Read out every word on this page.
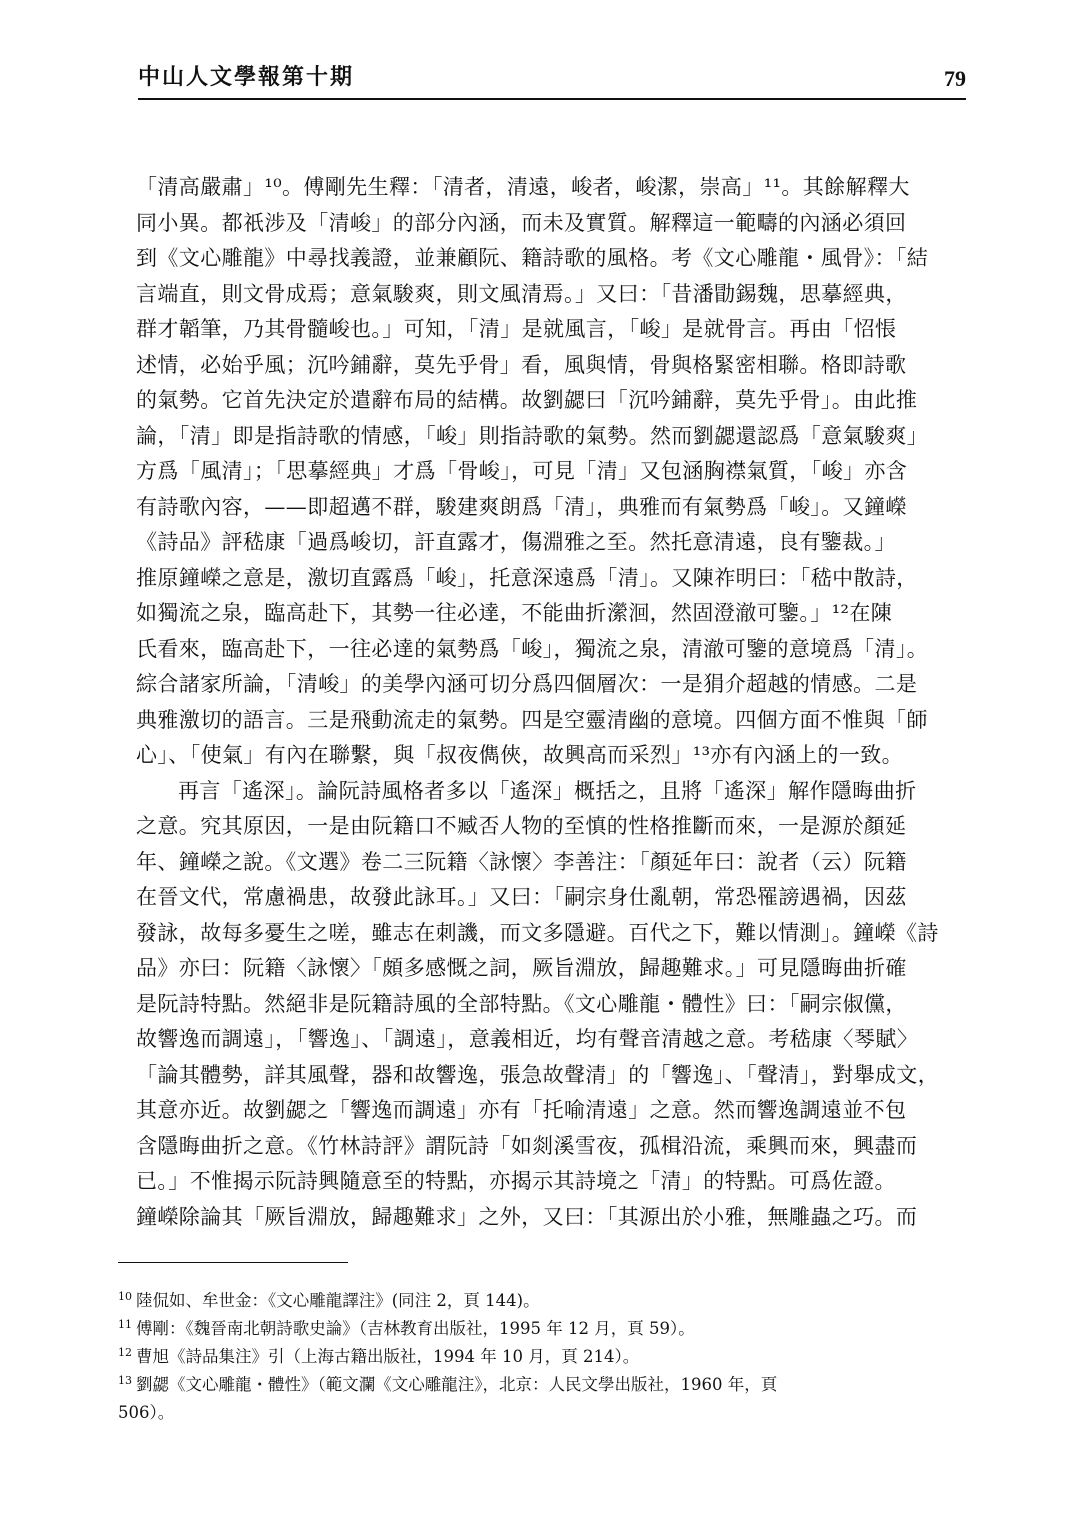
中山人文學報第十期	79
「清高嚴肅」¹⁰。傅剛先生釋：「清者，清遠，峻者，峻潔，崇高」¹¹。其餘解釋大
同小異。都祇涉及「清峻」的部分內涵，而未及實質。解釋這一範疇的內涵必須回
到《文心雕龍》中尋找義證，並兼顧阮、籍詩歌的風格。考《文心雕龍・風骨》：「結
言端直，則文骨成焉；意氣駿爽，則文風清焉。」又曰：「昔潘勖錫魏，思摹經典，
群才韜筆，乃其骨髓峻也。」可知，「清」是就風言，「峻」是就骨言。再由「怊悵
述情，必始乎風；沉吟鋪辭，莫先乎骨」看，風與情，骨與格緊密相聯。格即詩歌
的氣勢。它首先決定於遣辭布局的結構。故劉勰曰「沉吟鋪辭，莫先乎骨」。由此推
論，「清」即是指詩歌的情感，「峻」則指詩歌的氣勢。然而劉勰還認爲「意氣駿爽」
方爲「風清」；「思摹經典」才爲「骨峻」，可見「清」又包涵胸襟氣質，「峻」亦含
有詩歌內容，——即超邁不群，駿建爽朗爲「清」，典雅而有氣勢爲「峻」。又鐘嶸
《詩品》評嵇康「過爲峻切，訐直露才，傷淵雅之至。然托意清遠，良有鑒裁。」
推原鐘嶸之意是，激切直露爲「峻」，托意深遠爲「清」。又陳祚明曰：「嵇中散詩，
如獨流之泉，臨高赴下，其勢一往必達，不能曲折瀠洄，然固澄澈可鑒。」¹²在陳
氏看來，臨高赴下，一往必達的氣勢爲「峻」，獨流之泉，清澈可鑒的意境爲「清」。
綜合諸家所論，「清峻」的美學內涵可切分爲四個層次：一是狷介超越的情感。二是
典雅激切的語言。三是飛動流走的氣勢。四是空靈清幽的意境。四個方面不惟與「師
心」、「使氣」有內在聯繫，與「叔夜儁俠，故興高而采烈」¹³亦有內涵上的一致。
再言「遙深」。論阮詩風格者多以「遙深」概括之，且將「遙深」解作隱晦曲折
之意。究其原因，一是由阮籍口不臧否人物的至慎的性格推斷而來，一是源於顏延
年、鐘嶸之說。《文選》卷二三阮籍〈詠懷〉李善注：「顏延年曰：說者（云）阮籍
在晉文代，常慮禍患，故發此詠耳。」又曰：「嗣宗身仕亂朝，常恐罹謗遇禍，因茲
發詠，故每多憂生之嗟，雖志在刺譏，而文多隱避。百代之下，難以情測」。鐘嶸《詩
品》亦曰：阮籍〈詠懷〉「頗多感慨之詞，厥旨淵放，歸趣難求。」可見隱晦曲折確
是阮詩特點。然絕非是阮籍詩風的全部特點。《文心雕龍・體性》曰：「嗣宗俶儻，
故響逸而調遠」，「響逸」、「調遠」，意義相近，均有聲音清越之意。考嵇康〈琴賦〉
「論其體勢，詳其風聲，器和故響逸，張急故聲清」的「響逸」、「聲清」，對舉成文，
其意亦近。故劉勰之「響逸而調遠」亦有「托喻清遠」之意。然而響逸調遠並不包
含隱晦曲折之意。《竹林詩評》謂阮詩「如剡溪雪夜，孤楫沿流，乘興而來，興盡而
已。」不惟揭示阮詩興隨意至的特點，亦揭示其詩境之「清」的特點。可爲佐證。
鐘嶸除論其「厥旨淵放，歸趣難求」之外，又曰：「其源出於小雅，無雕蟲之巧。而
$^{10}$ 陸侃如、牟世金：《文心雕龍譯注》(同注 2，頁 144)。
$^{11}$ 傅剛：《魏晉南北朝詩歌史論》（吉林教育出版社，1995 年 12 月，頁 59）。
$^{12}$ 曹旭《詩品集注》引（上海古籍出版社，1994 年 10 月，頁 214）。
$^{13}$ 劉勰《文心雕龍・體性》（範文瀾《文心雕龍注》，北京：人民文學出版社，1960 年，頁
506）。
